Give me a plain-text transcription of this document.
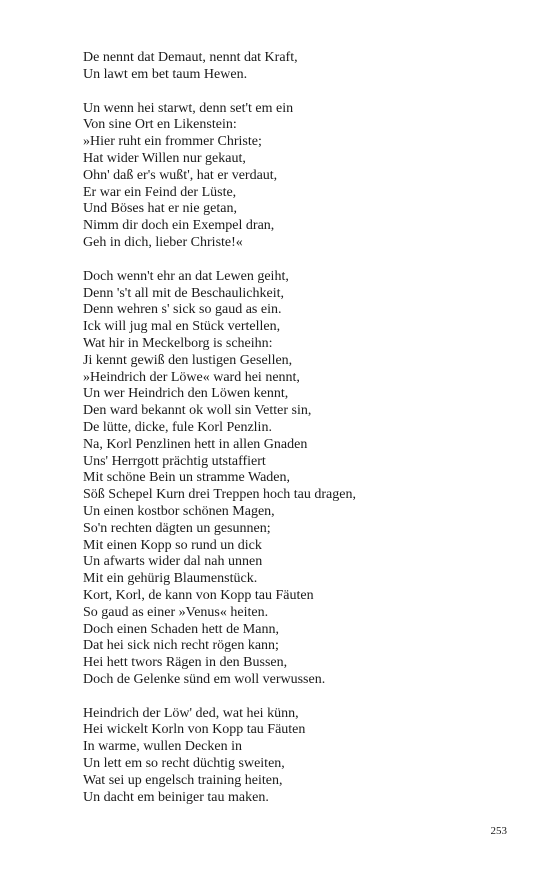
De nennt dat Demaut, nennt dat Kraft,
Un lawt em bet taum Hewen.
Un wenn hei starwt, denn set't em ein
Von sine Ort en Likenstein:
»Hier ruht ein frommer Christe;
Hat wider Willen nur gekaut,
Ohn' daß er's wußt', hat er verdaut,
Er war ein Feind der Lüste,
Und Böses hat er nie getan,
Nimm dir doch ein Exempel dran,
Geh in dich, lieber Christe!«
Doch wenn't ehr an dat Lewen geiht,
Denn 's't all mit de Beschaulichkeit,
Denn wehren s' sick so gaud as ein.
Ick will jug mal en Stück vertellen,
Wat hir in Meckelborg is scheihn:
Ji kennt gewiß den lustigen Gesellen,
»Heindrich der Löwe« ward hei nennt,
Un wer Heindrich den Löwen kennt,
Den ward bekannt ok woll sin Vetter sin,
De lütte, dicke, fule Korl Penzlin.
Na, Korl Penzlinen hett in allen Gnaden
Uns' Herrgott prächtig utstaffiert
Mit schöne Bein un stramme Waden,
Söß Schepel Kurn drei Treppen hoch tau dragen,
Un einen kostbor schönen Magen,
So'n rechten dägten un gesunnen;
Mit einen Kopp so rund un dick
Un afwarts wider dal nah unnen
Mit ein gehürig Blaumenstück.
Kort, Korl, de kann von Kopp tau Fäuten
So gaud as einer »Venus« heiten.
Doch einen Schaden hett de Mann,
Dat hei sick nich recht rögen kann;
Hei hett twors Rägen in den Bussen,
Doch de Gelenke sünd em woll verwussen.
Heindrich der Löw' ded, wat hei künn,
Hei wickelt Korln von Kopp tau Fäuten
In warme, wullen Decken in
Un lett em so recht düchtig sweiten,
Wat sei up engelsch training heiten,
Un dacht em beiniger tau maken.
253
